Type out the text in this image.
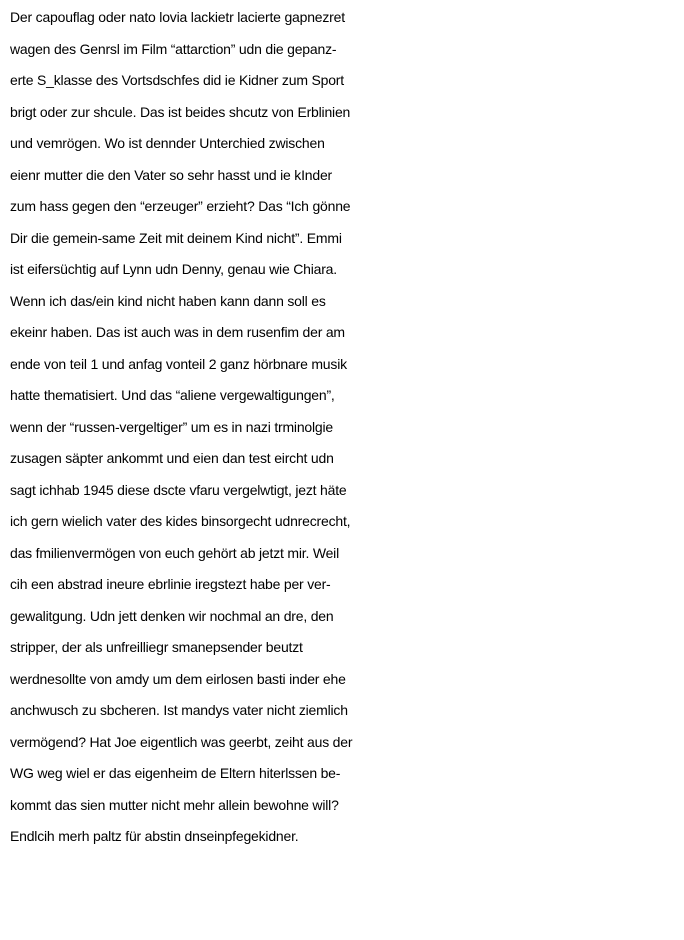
Der capouflag oder nato lovia lackietr lacierte gapnezret
wagen des Genrsl im Film “attarction” udn die gepanz-
erte S_klasse des Vortsdschfes did ie Kidner zum Sport
brigt oder zur shcule. Das ist beides shcutz von Erblinien
und vemrögen. Wo ist dennder Unterchied zwischen
eienr mutter die den Vater so sehr hasst und ie kInder
zum hass gegen den “erzeuger” erzieht? Das “Ich gönne
Dir die gemein-same Zeit mit deinem Kind nicht”. Emmi
ist eifersüchtig auf Lynn udn Denny, genau wie Chiara.
Wenn ich das/ein kind nicht haben kann dann soll es
ekeinr haben. Das ist auch was in dem rusenfim der am
ende von teil 1 und anfag vonteil 2 ganz hörbnare musik
hatte thematisiert. Und das “aliene vergewaltigungen”,
wenn der “russen-vergeltiger” um es in nazi trminolgie
zusagen säpter ankommt und eien dan test eircht udn
sagt ichhab 1945 diese dscte vfaru vergelwtigt, jezt häte
ich gern wielich vater des kides binsorgecht udnrecrecht,
das fmilienvermögen von euch gehört ab jetzt mir. Weil
cih een abstrad ineure ebrlinie iregstezt habe per ver-
gewalitgung. Udn jett denken wir nochmal an dre, den
stripper, der als unfreilliegr smanepsender beutzt
werdnesollte von amdy um dem eirlosen basti inder ehe
anchwusch zu sbcheren. Ist mandys vater nicht ziemlich
vermögend? Hat Joe eigentlich was geerbt, zeiht aus der
WG weg wiel er das eigenheim de Eltern hiterlssen be-
kommt das sien mutter nicht mehr allein bewohne will?
Endlcih merh paltz für abstin dnseinpfegekidner.
